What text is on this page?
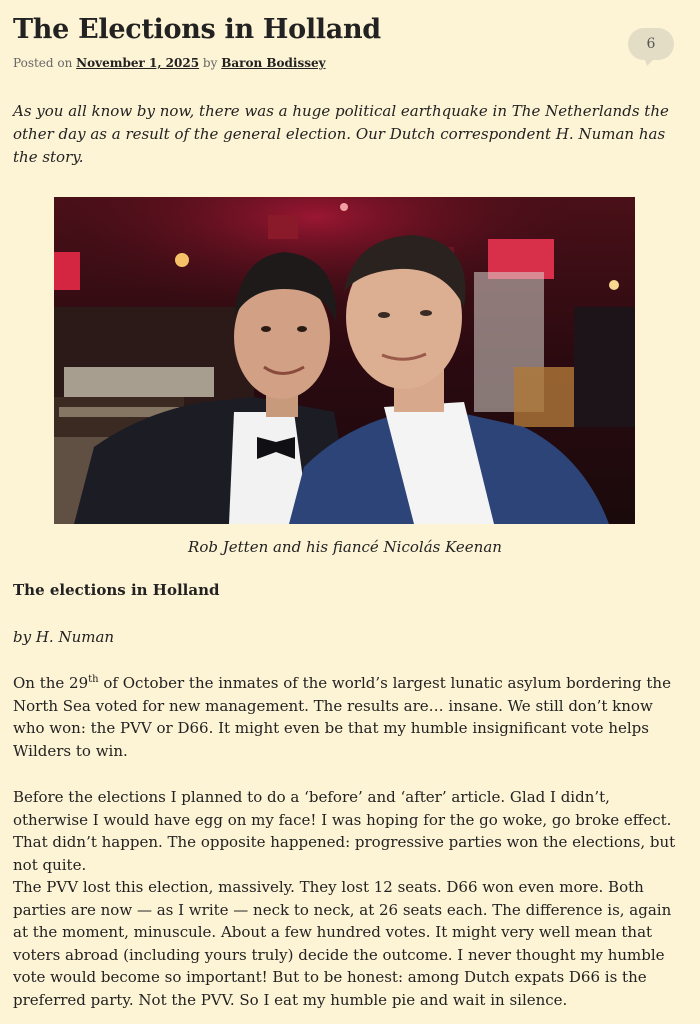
The Elections in Holland	6
Posted on November 1, 2025 by Baron Bodissey

As you all know by now, there was a huge political earthquake in The Netherlands the other day as a result of the general election. Our Dutch correspondent H. Numan has the story.

Rob Jetten and his fiancé Nicolás Keenan
The elections in Holland

by H. Numan

On the 29th of October the inmates of the world’s largest lunatic asylum bordering the North Sea voted for new management. The results are… insane. We still don’t know who won: the PVV or D66. It might even be that my humble insignificant vote helps Wilders to win.

Before the elections I planned to do a ‘before’ and ‘after’ article. Glad I didn’t, otherwise I would have egg on my face! I was hoping for the go woke, go broke effect. That didn’t happen. The opposite happened: progressive parties won the elections, but not quite.

The PVV lost this election, massively. They lost 12 seats. D66 won even more. Both parties are now — as I write — neck to neck, at 26 seats each. The difference is, again at the moment, minuscule. About a few hundred votes. It might very well mean that voters abroad (including yours truly) decide the outcome. I never thought my humble vote would become so important! But to be honest: among Dutch expats D66 is the preferred party. Not the PVV. So I eat my humble pie and wait in silence.
